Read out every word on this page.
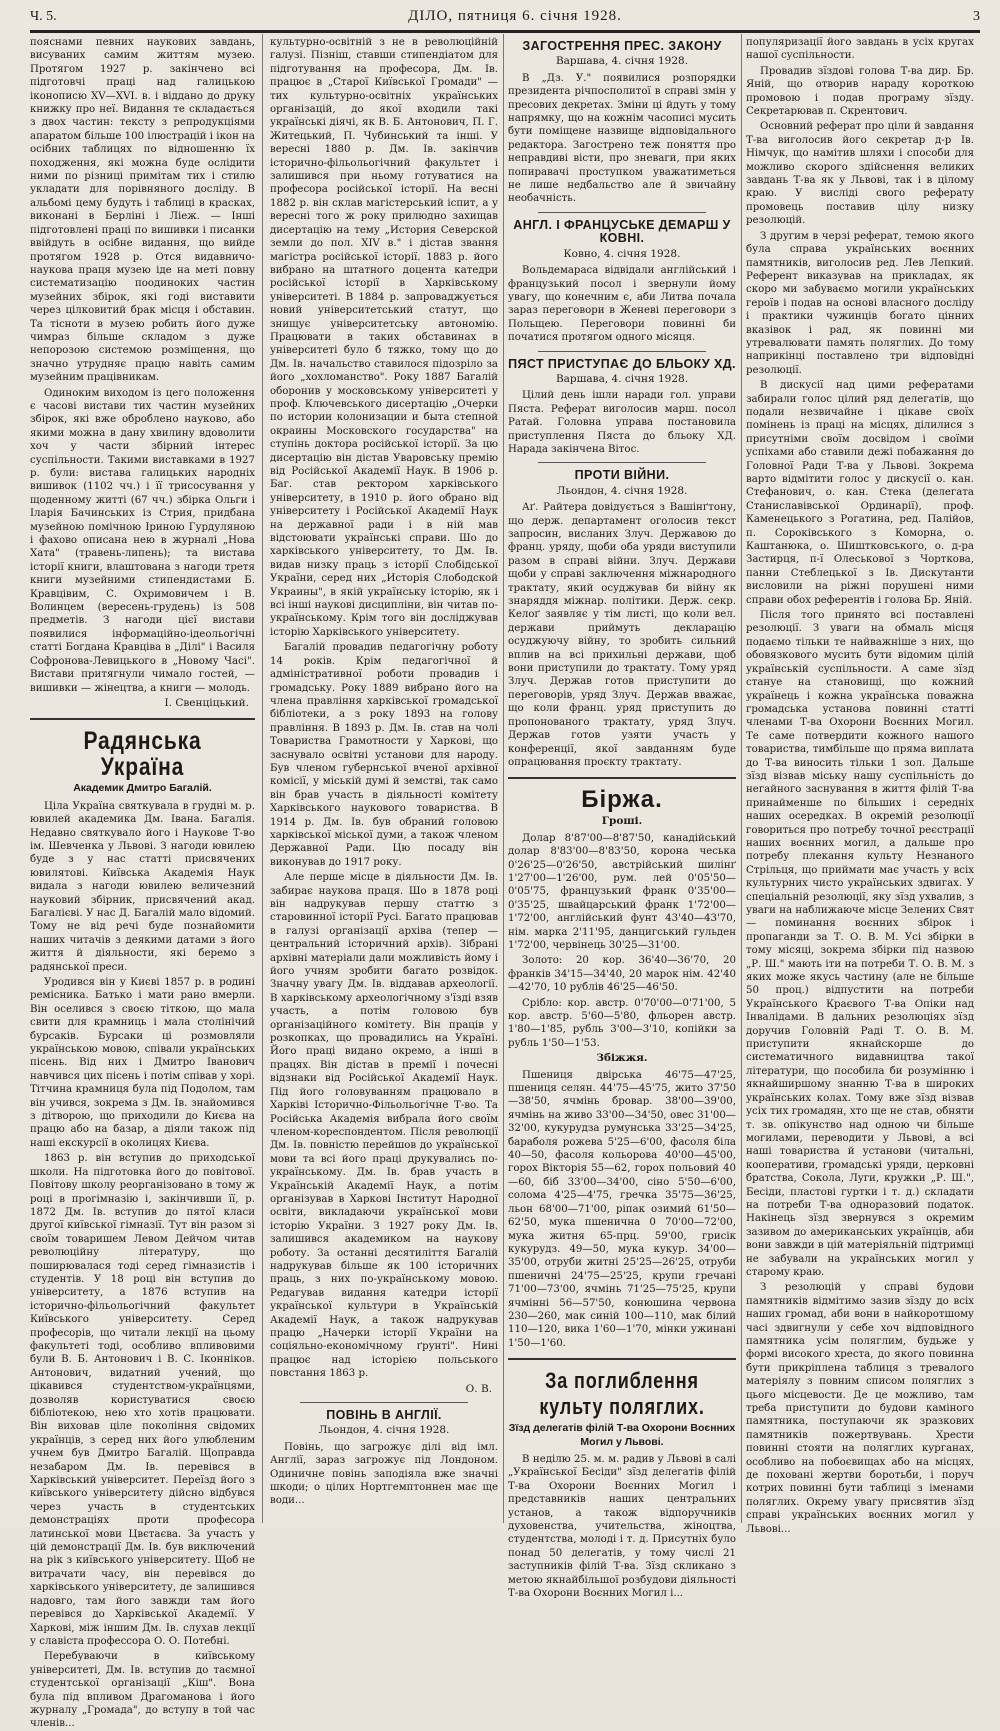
Ч. 5.	ДІЛО, пятниця 6. січня 1928.	3

пояснами певних наукових завдань, висуваних самим життям музею. Протягом 1927 р. закінчено всі підготовчі праці над галицькою іконописю XV—XVI. в. і віддано до друку книжку про неї. Видання те складається з двох частин: тексту з репродукціями апаратом більше 100 ілюстрацій і ікон на осібних таблицях по відношенню їх походження, які можна буде ослідити ними по різниці примітам тих і стилю укладати для порівняного досліду. В альбомі цему будуть і таблиці в красках, виконані в Берліні і Ліеж. — Інші підготовлені праці по вишивки і писанки ввійдуть в осібне видання, що вийде протягом 1928 р. Отся видавничо-наукова праця музею іде на меті повну систематизацію поодиноких частин музейних збірок, які годі виставити через цілковитий брак місця і обставин. Та тісноти в музею робить його дуже чимраз більше складом з дуже непорозою системою розміщення, що значно утрудняє працю навіть самим музейним працівникам.

Одиноким виходом із цего положення є часові вистави тих частин музейних збірок, які вже оброблено науково, або якими можна в дану хвилину вдоволити хоч у части збірний інтерес суспільности. Такими виставками в 1927 р. були: вистава галицьких народніх вишивок (1102 чч.) і її трисосування у щоденному житті (67 чч.) збірка Ольги і Іларія Бачинських із Стрия, придбана музейною помічною Іриною Гурдуляною і фахово описана нею в журналі „Нова Хата" (травень-липень); та вистава історії книги, влаштована з нагоди третя книги музейними стипендистами Б. Кравцівим, С. Охримовичем і В. Волинцем (вересень-грудень) із 508 предметів. З нагоди цієї вистави появилися інформаційно-ідеольогічні статті Богдана Кравціва в „Ділі" і Василя Софронова-Левицького в „Новому Часі". Вистави притягнули чимало гостей, — вишивки — жінецтва, а книги — молодь.

І. Свенціцький.
Радянська Україна
Академик Дмитро Багалій.

Ціла Україна святкувала в грудні м. р. ювилей академика Дм. Івана. Багалія. Недавно святкувало його і Наукове Т-во ім. Шевченка у Львові. З нагоди ювилею буде з у нас статті присвячених ювилятові. Київська Академія Наук видала з нагоди ювилею величезний науковий збірник, присвячений акад. Багалієві. У нас Д. Багалій мало відомий. Тому не від речі буде познайомити наших читачів з деякими датами з його життя й діяльности, які беремо з радянської преси.

Уродився він у Києві 1857 р. в родині ремісника. Батько і мати рано вмерли. Він оселився з своєю тіткою, що мала свити для крамниць і мала столінічий бурсаків. Бурсаки ці розмовляли українською мовою, співали українських пісень. Від них і Дмитро Іванович навчився цих пісень і потім співав у хорі. Тітчина крамниця була під Подолом, там він учився, зокрема з Дм. Ів. знайомився з дітворою, що приходили до Києва на працю або на базар, а діяли також під наші екскурсії в околицях Києва.

1863 р. він вступив до приходської школи. На підготовка його до повітової. Повітову школу реорганізовано в тому ж році в прогімназію і, закінчивши її, р. 1872 Дм. Ів. вступив до пятої класи другої київської гімназії. Тут він разом зі своїм товаришем Левом Дейчом читав революційну літературу, що поширювалася тоді серед гімназистів і студентів. У 18 році він вступив до університету, а 1876 вступив на історично-фільольогічний факультет Київського університету. Серед професорів, що читали лекції на цьому факультеті тоді, особливо впливовими були В. Б. Антонович і В. С. Іконніков. Антонович, видатний учений, що цікавився студентством-українцями, дозволяв користуватися своєю бібліотекою, нею хто хотів працювати. Він виховав ціле покоління свідомих українців, з серед них його улюбленим учнем був Дмитро Багалій. Щоправда незабаром Дм. Ів. перевівся в Харківський університет. Переїзд його з київського університету дійсно відбувся через участь в студентських демонстраціях проти професора латинської мови Цвєтаєва. За участь у цій демонстрації Дм. Ів. був виключений на рік з київського університету. Щоб не витрачати часу, він перевівся до харківського університету, де залишився надовго, там його завжди там його перевівся до Харківської Академії. У Харкові, між іншим Дм. Ів. слухав лекції у славіста профессора О. О. Потебні.

Перебуваючи в київському університеті, Дм. Ів. вступив до таємної студентської організації „Кіш". Вона була під впливом Драгоманова і його журналу „Громада", до вступу в той час членів...

культурно-освітній з не в революційній галузі. Пізніш, ставши стипендіатом для підготування на професора, Дм. Ів. працює в „Старої Київської Громади" — тих культурно-освітніх українських організацій, до якої входили такі українські діячі, як В. Б. Антонович, П. Г. Житецький, П. Чубинський та інші. У вересні 1880 р. Дм. Ів. закінчив історично-фільольогічний факультет і залишився при ньому готуватися на професора російської історії. На весні 1882 р. він склав магістерський іспит, а у вересні того ж року прилюдно захищав дисертацію на тему „История Северской земли до пол. XIV в." і дістав звання магістра російської історії. 1883 р. його вибрано на штатного доцента катедри російської історії в Харківському університеті. В 1884 р. запроваджується новий університетський статут, що знищує університетську автономію. Працювати в таких обставинах в університеті було б тяжко, тому що до Дм. Ів. начальство ставилося підозріло за його „хохломанство". Року 1887 Багалій оборонив у московському університеті у проф. Ключевського дисертацію „Очерки по истории колонизации и быта степной окраины Московского государства" на ступінь доктора російської історії. За цю дисертацію він дістав Уваровську премію від Російської Академії Наук. В 1906 р. Баг. став ректором харківського університету, в 1910 р. його обрано від університету і Російської Академії Наук на державної ради і в ній мав відстоювати українські справи. Шо до харківського університету, то Дм. Ів. видав низку праць з історії Слобідської України, серед них „Исторія Слободской Украины", в якій українську історію, як і всі інші наукові дисципліни, він читав по-українському. Крім того він досліджував історію Харківського університету.

Багалій провадив педагогічну роботу 14 років. Крім педагогічної й адміністративної роботи провадив і громадську. Року 1889 вибрано його на члена правління харківської громадської бібліотеки, а з року 1893 на голову правління. В 1893 р. Дм. Ів. став на чолі Товариства Грамотности у Харкові, що заснувало освітні установи для народу. Був членом губернської вченої архівної комісії, у міській думі й земстві, так само він брав участь в діяльності комітету Харківського наукового товариства. В 1914 р. Дм. Ів. був обраний головою харківської міської думи, а також членом Державної Ради. Цю посаду він виконував до 1917 року.

Але перше місце в діяльности Дм. Ів. забирає наукова праця. Шо в 1878 році він надрукував першу статтю з старовинної історії Русі. Багато працював в галузі організації архіва (тепер — центральний історичний архів). Зібрані архівні матеріали дали можливість йому і його учням зробити багато розвідок. Значну увагу Дм. Ів. віддавав археології. В харківському археологічному з'їзді взяв участь, а потім головою був організаційного комітету. Він праців у розкопках, що провадились на Україні. Його праці видано окремо, а інші в працях. Він дістав в премії і почесні відзнаки від Російської Академії Наук. Під його головуванням працювало в Харківі Історично-Фільольогічне Т-во. Та Російська Академія вибрала його своїм членом-кореспондентом. Після революції Дм. Ів. повністю перейшов до української мови та всі його праці друкувались по-українському. Дм. Ів. брав участь в Українській Академії Наук, а потім організував в Харкові Інститут Народної освіти, викладаючи української мови історію України. З 1927 року Дм. Ів. залишився академиком на наукову роботу. За останні десятиліття Багалій надрукував більше як 100 історичних праць, з них по-українському мовою. Редагував видання катедри історії української культури в Українській Академії Наук, а також надрукував працю „Начерки історії України на соціяльно-економічному ґрунті". Нині працює над історією польського повстання 1863 р.

О. В.
ПОВІНЬ В АНГЛІЇ.
Льондон, 4. січня 1928.

Повінь, що загрожує ділі від імл. Англії, зараз загрожує під Лондоном. Одиничне повінь заподіяла вже значні шкоди; о цілих Нортгемптоннен має ще води...

ЗАГОСТРЕННЯ ПРЕС. ЗАКОНУ
Варшава, 4. січня 1928.

В „Дз. У." появилися розпорядки президента річпосполитої в справі змін у пресових декретах. Зміни ці йдуть у тому напрямку, що на кожнім часописі мусить бути поміщене назвище відповідального редактора. Загострено теж поняття про неправдиві вісти, про зневаги, при яких попиравачі проступком уважатиметься не лише недбальство але й звичайну необачність.

АНГЛ. І ФРАНЦУСЬКЕ ДЕМАРШ У КОВНІ.
Ковно, 4. січня 1928.

Вольдемараса відвідали англійський і французький посол і звернули йому увагу, що конечним є, аби Литва почала зараз переговори в Женеві переговори з Польщею. Переговори повинні би початися протягом одного місяця.

ПЯСТ ПРИСТУПАЄ ДО БЛЬОКУ ХД.
Варшава, 4. січня 1928.

Цілий день ішли наради гол. управи Пяста. Реферат виголосив марш. посол Ратай. Головна управа постановила приступлення Пяста до бльоку ХД. Нарада закінчена Вітос.

ПРОТИ ВІЙНИ.
Льондон, 4. січня 1928.

Аґ. Райтера довідується з Вашінґтону, що держ. департамент оголосив текст запросин, висланих Злуч. Державою до франц. уряду, щоби оба уряди виступили разом в справі війни. Злуч. Держави щоби у справі заключення міжнародного трактату, який осуджував би війну як знаряддя міжнар. політики. Держ. секр. Келоґ заявляє у тім листі, що коли вел. держави приймуть декларацію осуджуючу війну, то зробить сильний вплив на всі прихильні держави, щоб вони приступили до трактату. Тому уряд Злуч. Держав готов приступити до переговорів, уряд Злуч. Держав вважає, що коли франц. уряд приступить до пропонованого трактату, уряд Злуч. Держав готов узяти участь у конференції, якої завданням буде опрацювання проєкту трактату.

Біржа.
Гроші.

Долар 8'87'00—8'87'50, канадійський долар 8'83'00—8'83'50, корона чеська 0'26'25—0'26'50, австрійський шилінґ 1'27'00—1'26'00, рум. лей 0'05'50—0'05'75, французький франк 0'35'00—0'35'25, швайцарський франк 1'72'00—1'72'00, англійський фунт 43'40—43'70, нім. марка 2'11'95, данцигський гульден 1'72'00, червінець 30'25—31'00.

Золото: 20 кор. 36'40—36'70, 20 франків 34'15—34'40, 20 марок нім. 42'40—42'70, 10 рублів 46'25—46'50.

Срібло: кор. австр. 0'70'00—0'71'00, 5 кор. австр. 5'60—5'80, фльорен австр. 1'80—1'85, рубль 3'00—3'10, копійки за рубль 1'50—1'53.

Збіжжя.

Пшениця двірська 46'75—47'25, пшениця селян. 44'75—45'75, жито 37'50—38'50, ячмінь бровар. 38'00—39'00, ячмінь на живо 33'00—34'50, овес 31'00—32'00, кукурудза румунська 33'25—34'25, бараболя рожева 5'25—6'00, фасоля біла 40—50, фасоля кольорова 40'00—45'00, горох Вікторія 55—62, горох польовий 40—60, біб 33'00—34'00, сіно 5'50—6'00, солома 4'25—4'75, гречка 35'75—36'25, льон 68'00—71'00, ріпак озимий 61'50—62'50, мука пшенична 0 70'00—72'00, мука житня 65-прц. 59'00, грисік кукурудз. 49—50, мука кукур. 34'00—35'00, отруби житні 25'25—26'25, отруби пшеничні 24'75—25'25, крупи гречані 71'00—73'00, ячмінь 71'25—75'25, крупи ячмінні 56—57'50, конюшина червона 230—260, мак синій 100—110, мак білий 110—120, вика 1'60—1'70, мінки ужинані 1'50—1'60.

За поглиблення культу поляглих.
Зїзд делегатів філій Т-ва Охорони Воєнних Могил у Львові.

В неділю 25. м. м. радив у Львові в салі „Української Бесіди" зїзд делегатів філій Т-ва Охорони Воєнних Могил і представників наших центральних установ, а також відпоручників духовенства, учительства, жіноцтва, студентства, молоді і т. д. Присутніх було понад 50 делегатів, у тому числі 21 заступників філій Т-ва. Зїзд скликано з метою якнайбільшої розбудови діяльності Т-ва Охорони Воєнних Могил і...

популяризації його завдань в усіх кругах нашої суспільности.

Провадив зїздові голова Т-ва дир. Бр. Яній, що отворив нараду короткою промовою і подав програму зїзду. Секретарював п. Скрентович.

Основний реферат про ціли й завдання Т-ва виголосив його секретар д-р Ів. Німчук, що намітив шляхи і способи для можливо скорого здійснення великих завдань Т-ва як у Львові, так і в цілому краю. У висліді свого реферату промовець поставив цілу низку резолюцій.

З другим в черзі реферат, темою якого була справа українських воєнних памятників, виголосив ред. Лев Лепкий. Референт виказував на прикладах, як скоро ми забуваємо могили українських героїв і подав на основі власного досліду і практики чужинців богато цінних вказівок і рад, як повинні ми утревалювати память поляглих. До тому наприкінці поставлено три відповідні резолюції.

В дискусії над цими рефератами забирали голос цілий ряд делегатів, що подали незвичайне і цікаве своїх помінень із праці на місцях, ділилися з присутніми своїм досвідом і своїми успіхами або ставили дежі побажання до Головної Ради Т-ва у Львові. Зокрема варто відмітити голос у дискусії о. кан. Стефанович, о. кан. Стека (делегата Станиславівської Ординарії), проф. Каменецького з Рогатина, ред. Палійов, п. Сороківського з Коморна, о. Каштанюка, о. Шиштковського, о. д-ра Застирця, п-ї Олеськової з Чорткова, панни Стеблецької з Ів. Дискутанти висловили на ріжні порушені ними справи обох референтів і голова Бр. Яній.

Після того принято всі поставлені резолюції. З уваги на обмаль місця подаємо тільки те найважніше з них, що обовязкового мусить бути відомим цілій українській суспільности. А саме зїзд стануе на становищі, що кожний українець і кожна українська поважна громадська установа повинні статті членами Т-ва Охорони Воєнних Могил. Те саме потвердити кожного нашого товариства, тимбільше що пряма виплата до Т-ва виносить тільки 1 зол. Дальше зїзд візвав міську нашу суспільність до негайного заснування в життя філій Т-ва принайменше по більших і середніх наших осередках. В окремій резолюції говориться про потребу точної реєстрації наших воєнних могил, а дальше про потребу плекання культу Незнаного Стрільця, що приймати має участь у всіх культурних чисто українських здвигах. У спеціальній резолюції, яку зїзд ухвалив, з уваги на наближаюче місце Зелених Свят — поминання воєнних збірок і пропаганди за Т. О. В. М. Усі збірки в тому місяці, зокрема збірки під назвою „Р. Ш." мають іти на потреби Т. О. В. М. з яких може якусь частину (але не більше 50 проц.) відпустити на потреби Українського Краєвого Т-ва Опіки над Інвалідами. В дальних резолюціях зїзд доручив Головній Раді Т. О. В. М. приступити якнайскорше до систематичного видавництва такої літератури, що пособила би розумінню і якнайширшому знанню Т-ва в широких українських колах. Тому вже зїзд візвав усіх тих громадян, хто ще не став, обняти т. зв. опікунство над одною чи більше могилами, переводити у Львові, а всі наші товариства й установи (читальні, кооперативи, громадські уряди, церковні братства, Сокола, Луги, кружки „Р. Ш.", Бесіди, пластові гуртки і т. д.) складати на потреби Т-ва одноразовий податок. Накінець зїзд звернувся з окремим зазивом до американських українців, аби вони завжди в цій матеріяльній підтримці не забували на українських могил у старому краю.

З резолюцій у справі будови памятників відмітимо зазив зїзду до всіх наших громад, аби вони в найкоротшому часі здвигнули у себе хоч відповідного памятника усім поляглим, будьже у формі високого хреста, до якого повинна бути прикріплена таблиця з тревалого матеріялу з повним списом поляглих з цього місцевости. Де це можливо, там треба приступити до будови каміного памятника, поступаючи як зразкових памятників пожертвувань. Хрести повинні стояти на поляглих курганах, особливо на побоєвищах або на місцях, де поховані жертви боротьби, і поруч котрих повинні бути таблиці з іменами поляглих. Окрему увагу присвятив зїзд справі українських воєнних могил у Львові...
